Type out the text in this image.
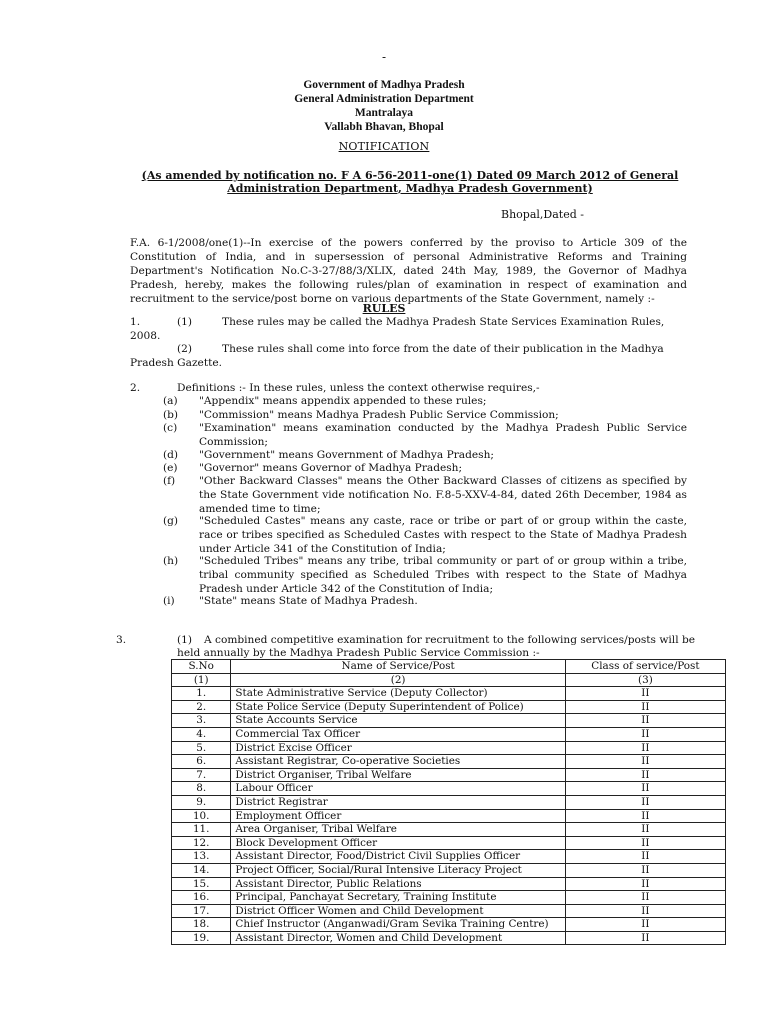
-
Government of Madhya Pradesh
General Administration Department
Mantralaya
Vallabh Bhavan, Bhopal
NOTIFICATION
(As amended by notification no. F A 6-56-2011-one(1) Dated 09 March 2012 of General Administration Department, Madhya Pradesh Government)
Bhopal,Dated -
F.A. 6-1/2008/one(1)--In exercise of the powers conferred by the proviso to Article 309 of the Constitution of India, and in supersession of personal Administrative Reforms and Training Department's Notification No.C-3-27/88/3/XLIX, dated 24th May, 1989, the Governor of Madhya Pradesh, hereby, makes the following rules/plan of examination in respect of examination and recruitment to the service/post borne on various departments of the State Government, namely :-
RULES
1.	(1)	These rules may be called the Madhya Pradesh State Services Examination Rules,
2008.
(2)	These rules shall come into force from the date of their publication in the Madhya
Pradesh Gazette.
2.	Definitions :- In these rules, unless the context otherwise requires,-
(a) "Appendix" means appendix appended to these rules;
(b) "Commission" means Madhya Pradesh Public Service Commission;
(c) "Examination" means examination conducted by the Madhya Pradesh Public Service Commission;
(d) "Government" means Government of Madhya Pradesh;
(e) "Governor" means Governor of Madhya Pradesh;
(f) "Other Backward Classes" means the Other Backward Classes of citizens as specified by the State Government vide notification No. F.8-5-XXV-4-84, dated 26th December, 1984 as amended time to time;
(g) "Scheduled Castes" means any caste, race or tribe or part of or group within the caste, race or tribes specified as Scheduled Castes with respect to the State of Madhya Pradesh under Article 341 of the Constitution of India;
(h) "Scheduled Tribes" means any tribe, tribal community or part of or group within a tribe, tribal community specified as Scheduled Tribes with respect to the State of Madhya Pradesh under Article 342 of the Constitution of India;
(i) "State" means State of Madhya Pradesh.
3.	(1) A combined competitive examination for recruitment to the following services/posts will be
held annually by the Madhya Pradesh Public Service Commission :-
S.No	Name of Service/Post	Class of service/Post
(1)	(2)	(3)
1.	State Administrative Service (Deputy Collector)	II
2.	State Police Service (Deputy Superintendent of Police)	II
3.	State Accounts Service	II
4.	Commercial Tax Officer	II
5.	District Excise Officer	II
6.	Assistant Registrar, Co-operative Societies	II
7.	District Organiser, Tribal Welfare	II
8.	Labour Officer	II
9.	District Registrar	II
10.	Employment Officer	II
11.	Area Organiser, Tribal Welfare	II
12.	Block Development Officer	II
13.	Assistant Director, Food/District Civil Supplies Officer	II
14.	Project Officer, Social/Rural Intensive Literacy Project	II
15.	Assistant Director, Public Relations	II
16.	Principal, Panchayat Secretary, Training Institute	II
17.	District Officer Women and Child Development	II
18.	Chief Instructor (Anganwadi/Gram Sevika Training Centre)	II
19.	Assistant Director, Women and Child Development	II
